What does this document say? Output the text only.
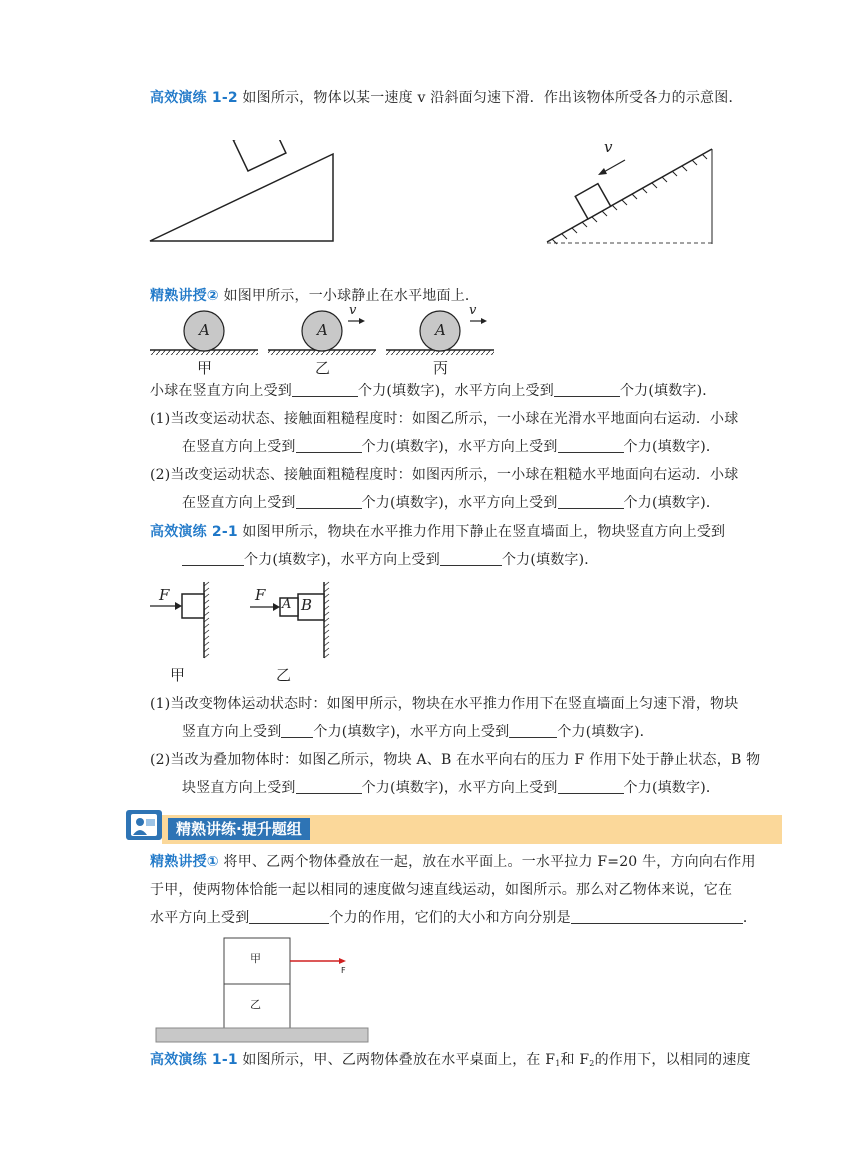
高效演练 1-2 如图所示，物体以某一速度 v 沿斜面匀速下滑．作出该物体所受各力的示意图．
v
精熟讲授② 如图甲所示，一小球静止在水平地面上．
A	A	A
v	v
甲	乙	丙
小球在竖直方向上受到	个力(填数字)，水平方向上受到	个力(填数字)．
(1)当改变运动状态、接触面粗糙程度时：如图乙所示，一小球在光滑水平地面向右运动．小球
在竖直方向上受到	个力(填数字)，水平方向上受到	个力(填数字)．
(2)当改变运动状态、接触面粗糙程度时：如图丙所示，一小球在粗糙水平地面向右运动．小球
在竖直方向上受到	个力(填数字)，水平方向上受到	个力(填数字)．
高效演练 2-1 如图甲所示，物块在水平推力作用下静止在竖直墙面上，物块竖直方向上受到
个力(填数字)，水平方向上受到	个力(填数字)．
F	F
A B
甲	乙
(1)当改变物体运动状态时：如图甲所示，物块在水平推力作用下在竖直墙面上匀速下滑，物块
竖直方向上受到 个力(填数字)，水平方向上受到	个力(填数字)．
(2)当改为叠加物体时：如图乙所示，物块 A、B 在水平向右的压力 F 作用下处于静止状态，B 物
块竖直方向上受到	个力(填数字)，水平方向上受到	个力(填数字)．
精熟讲练·提升题组
精熟讲授① 将甲、乙两个物体叠放在一起，放在水平面上。一水平拉力 F=20 牛，方向向右作用
于甲，使两物体恰能一起以相同的速度做匀速直线运动，如图所示。那么对乙物体来说，它在
水平方向上受到	个力的作用，它们的大小和方向分别是	．
甲
乙
F
高效演练 1-1 如图所示，甲、乙两物体叠放在水平桌面上，在 $F_1$和 $F_2$的作用下，以相同的速度
